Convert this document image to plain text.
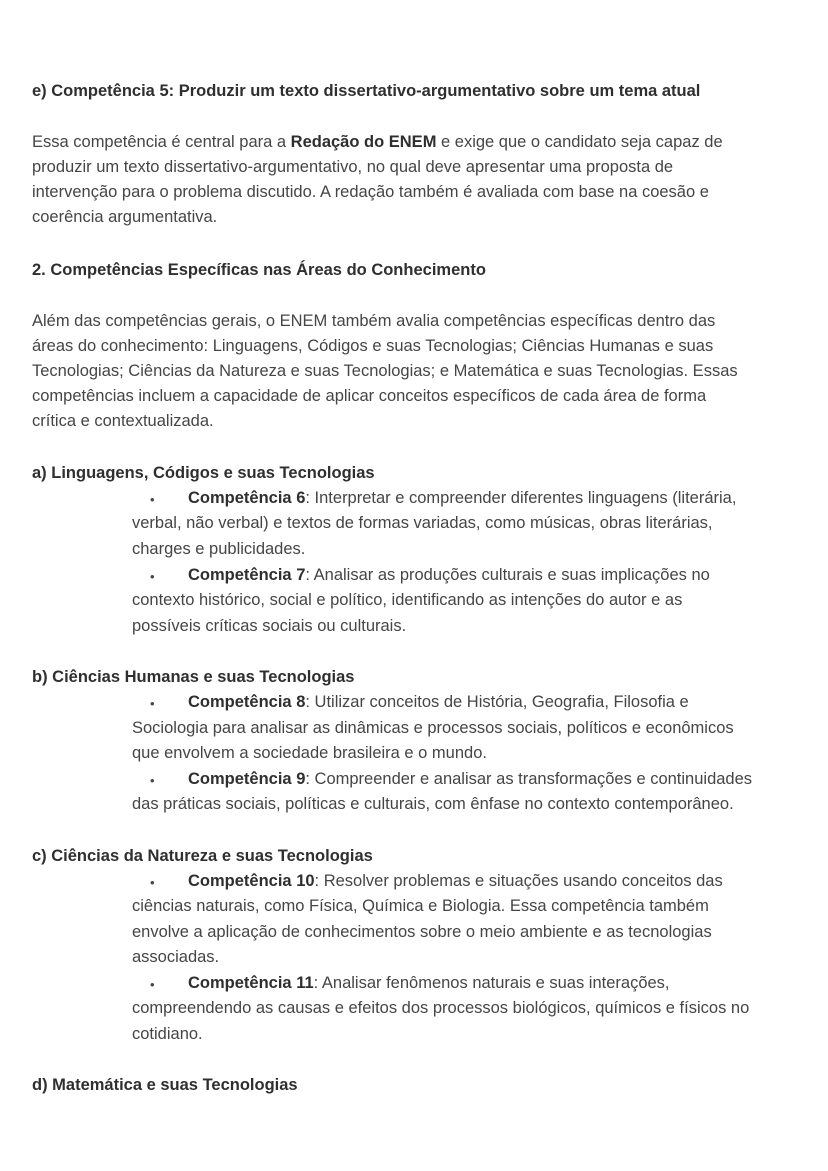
e) Competência 5: Produzir um texto dissertativo-argumentativo sobre um tema atual
Essa competência é central para a Redação do ENEM e exige que o candidato seja capaz de
produzir um texto dissertativo-argumentativo, no qual deve apresentar uma proposta de
intervenção para o problema discutido. A redação também é avaliada com base na coesão e
coerência argumentativa.
2. Competências Específicas nas Áreas do Conhecimento
Além das competências gerais, o ENEM também avalia competências específicas dentro das
áreas do conhecimento: Linguagens, Códigos e suas Tecnologias; Ciências Humanas e suas
Tecnologias; Ciências da Natureza e suas Tecnologias; e Matemática e suas Tecnologias. Essas
competências incluem a capacidade de aplicar conceitos específicos de cada área de forma
crítica e contextualizada.
a) Linguagens, Códigos e suas Tecnologias
• Competência 6: Interpretar e compreender diferentes linguagens (literária,
verbal, não verbal) e textos de formas variadas, como músicas, obras literárias,
charges e publicidades.
• Competência 7: Analisar as produções culturais e suas implicações no
contexto histórico, social e político, identificando as intenções do autor e as
possíveis críticas sociais ou culturais.
b) Ciências Humanas e suas Tecnologias
• Competência 8: Utilizar conceitos de História, Geografia, Filosofia e
Sociologia para analisar as dinâmicas e processos sociais, políticos e econômicos
que envolvem a sociedade brasileira e o mundo.
• Competência 9: Compreender e analisar as transformações e continuidades
das práticas sociais, políticas e culturais, com ênfase no contexto contemporâneo.
c) Ciências da Natureza e suas Tecnologias
• Competência 10: Resolver problemas e situações usando conceitos das
ciências naturais, como Física, Química e Biologia. Essa competência também
envolve a aplicação de conhecimentos sobre o meio ambiente e as tecnologias
associadas.
• Competência 11: Analisar fenômenos naturais e suas interações,
compreendendo as causas e efeitos dos processos biológicos, químicos e físicos no
cotidiano.
d) Matemática e suas Tecnologias
